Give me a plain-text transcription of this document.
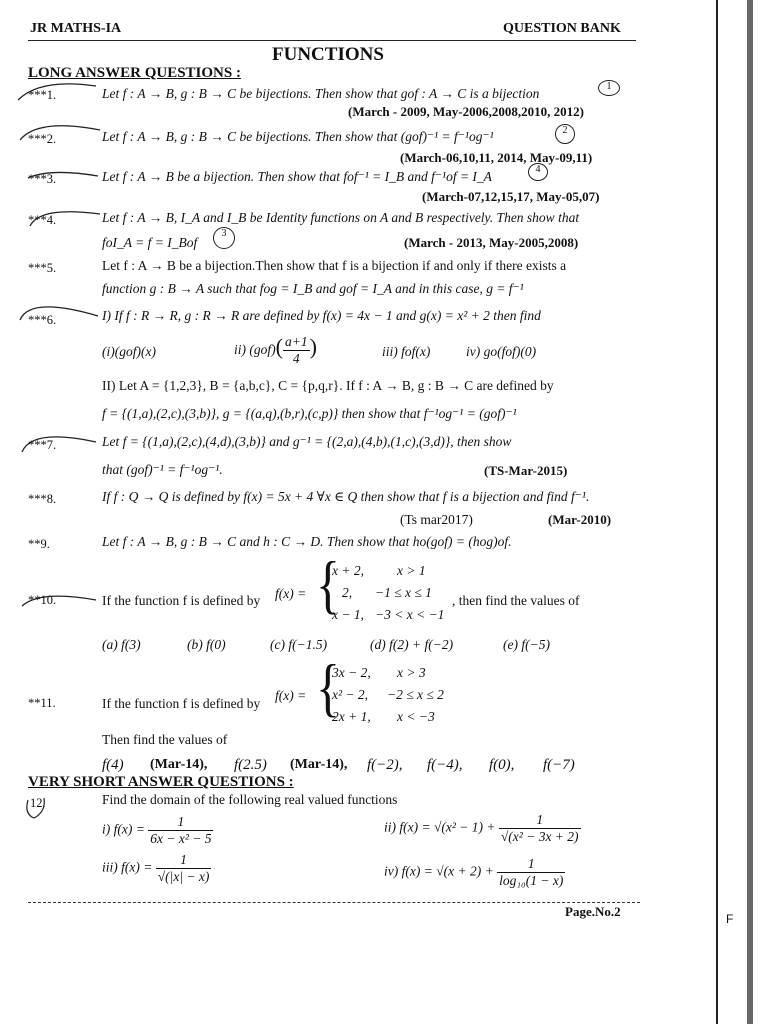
JR MATHS-IA	QUESTION BANK
FUNCTIONS
LONG ANSWER QUESTIONS :
***1.	Let f : A → B, g : B → C be bijections. Then show that gof : A → C is a bijection	1
(March - 2009, May-2006,2008,2010, 2012)
***2.	Let f : A → B, g : B → C be bijections. Then show that (gof)⁻¹ = f⁻¹og⁻¹	2
(March-06,10,11, 2014, May-09,11)
***3.	Let f : A → B be a bijection. Then show that fof⁻¹ = I_B and f⁻¹of = I_A	4
(March-07,12,15,17, May-05,07)
***4.	Let f : A → B, I_A and I_B be Identity functions on A and B respectively. Then show that
foI_A = f = I_Bof
3
(March - 2013, May-2005,2008)
***5.	Let f : A → B be a bijection.Then show that f is a bijection if and only if there exists a
function g : B → A such that fog = I_B and gof = I_A and in this case, g = f⁻¹
***6.	I) If f : R → R, g : R → R are defined by f(x) = 4x − 1 and g(x) = x² + 2 then find
(i)(gof)(x)	ii) $(gof)( \frac{a+1}{4}$ )	iii) fof(x)	iv) go(fof)(0)
II) Let A = {1,2,3}, B = {a,b,c}, C = {p,q,r}. If f : A → B, g : B → C are defined by
f = {(1,a),(2,c),(3,b)}, g = {(a,q),(b,r),(c,p)} then show that f⁻¹og⁻¹ = (gof)⁻¹
***7.	Let f = {(1,a),(2,c),(4,d),(3,b)} and g⁻¹ = {(2,a),(4,b),(1,c),(3,d)}, then show
that (gof)⁻¹ = f⁻¹og⁻¹.	(TS-Mar-2015)
***8.	If f : Q → Q is defined by f(x) = 5x + 4 ∀x ∈ Q then show that f is a bijection and find f⁻¹.
(Ts mar2017)	(Mar-2010)
**9.	Let f : A → B, g : B → C and h : C → D. Then show that ho(gof) = (hog)of.
**10.	If the function f is defined by f(x) = {
x + 2, x > 1
2, −1 ≤ x ≤ 1
x − 1, −3 < x < −1
, then find the values of
(a) f(3)	(b) f(0)	(c) f(−1.5)	(d) f(2) + f(−2)	(e) f(−5)
**11.	If the function f is defined by
f(x) = {
3x − 2, x > 3
x² − 2, −2 ≤ x ≤ 2
2x + 1, x < −3
Then find the values of
f(4) (Mar-14), f(2.5) (Mar-14), f(−2), f(−4), f(0), f(−7)
VERY SHORT ANSWER QUESTIONS :
12.	Find the domain of the following real valued functions
i) $f(x) = \frac{1}{\text{6x − x² − 5}}$	ii) $f(x) = √(x^2 - 1) + \frac{1}{\text{√(x² − 3x + 2)}}$
iii) $f(x) = \frac{1}{√(|x| - x)}$	iv) $f(x) = √(x + 2) + \frac{1}{\text{log₁₀(1 − x)}}$
Page.No.2	F
